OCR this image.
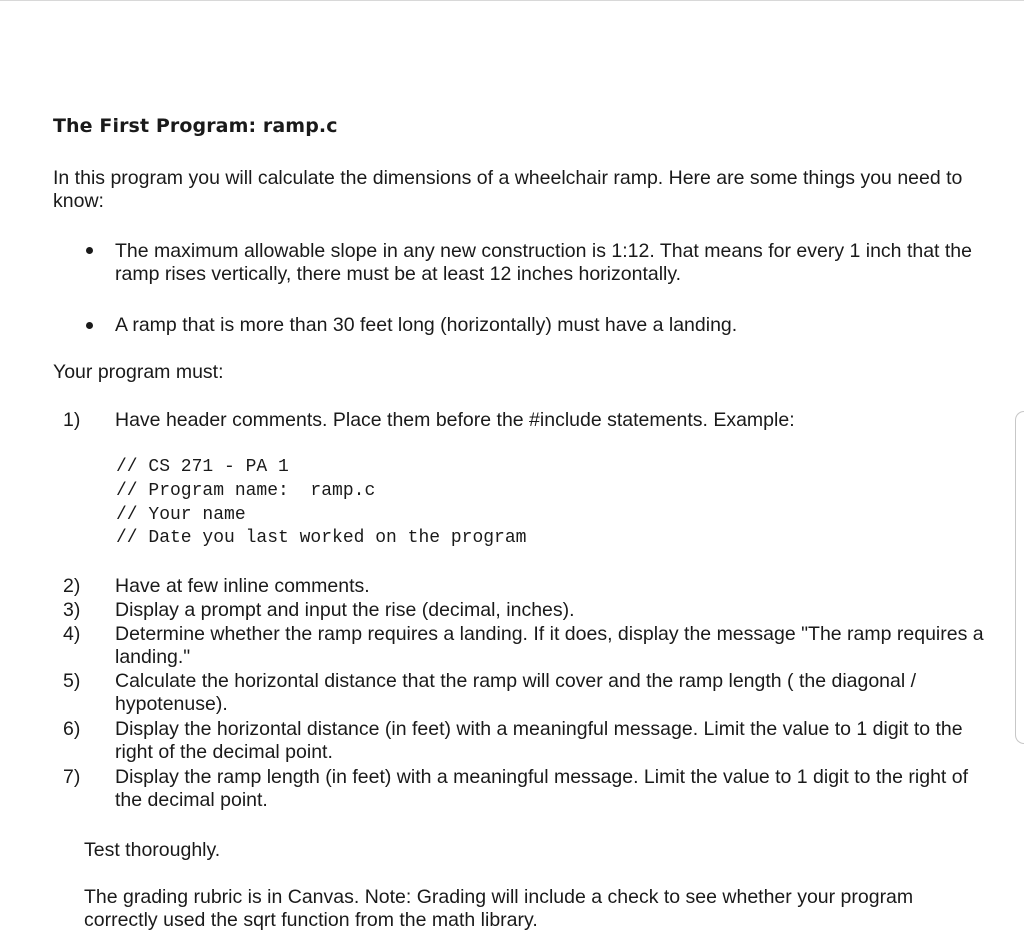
The First Program: ramp.c
In this program you will calculate the dimensions of a wheelchair ramp. Here are some things you need to know:
The maximum allowable slope in any new construction is 1:12. That means for every 1 inch that the ramp rises vertically, there must be at least 12 inches horizontally.
A ramp that is more than 30 feet long (horizontally) must have a landing.
Your program must:
1) Have header comments. Place them before the #include statements. Example:
// CS 271 - PA 1
// Program name:  ramp.c
// Your name
// Date you last worked on the program
2) Have at few inline comments.
3) Display a prompt and input the rise (decimal, inches).
4) Determine whether the ramp requires a landing. If it does, display the message "The ramp requires a landing."
5) Calculate the horizontal distance that the ramp will cover and the ramp length ( the diagonal / hypotenuse).
6) Display the horizontal distance (in feet) with a meaningful message. Limit the value to 1 digit to the right of the decimal point.
7) Display the ramp length (in feet) with a meaningful message. Limit the value to 1 digit to the right of the decimal point.
Test thoroughly.
The grading rubric is in Canvas. Note: Grading will include a check to see whether your program correctly used the sqrt function from the math library.
